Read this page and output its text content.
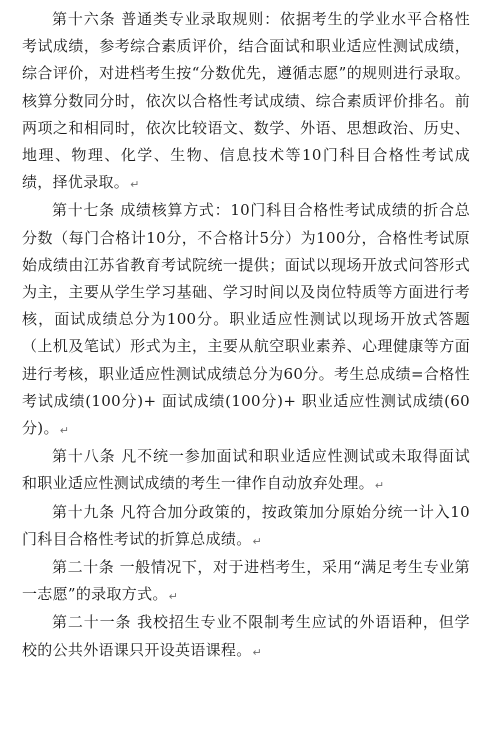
第十六条 普通类专业录取规则：依据考生的学业水平合格性考试成绩，参考综合素质评价，结合面试和职业适应性测试成绩，综合评价，对进档考生按“分数优先，遵循志愿”的规则进行录取。核算分数同分时，依次以合格性考试成绩、综合素质评价排名。前两项之和相同时，依次比较语文、数学、外语、思想政治、历史、地理、物理、化学、生物、信息技术等10门科目合格性考试成绩，择优录取。↵

第十七条 成绩核算方式：10门科目合格性考试成绩的折合总分数（每门合格计10分，不合格计5分）为100分，合格性考试原始成绩由江苏省教育考试院统一提供；面试以现场开放式问答形式为主，主要从学生学习基础、学习时间以及岗位特质等方面进行考核，面试成绩总分为100分。职业适应性测试以现场开放式答题（上机及笔试）形式为主，主要从航空职业素养、心理健康等方面进行考核，职业适应性测试成绩总分为60分。考生总成绩=合格性考试成绩(100分)+ 面试成绩(100分)+ 职业适应性测试成绩(60分)。↵

第十八条 凡不统一参加面试和职业适应性测试或未取得面试和职业适应性测试成绩的考生一律作自动放弃处理。↵

第十九条 凡符合加分政策的，按政策加分原始分统一计入10门科目合格性考试的折算总成绩。↵

第二十条 一般情况下，对于进档考生，采用“满足考生专业第一志愿”的录取方式。↵

第二十一条 我校招生专业不限制考生应试的外语语种，但学校的公共外语课只开设英语课程。↵
